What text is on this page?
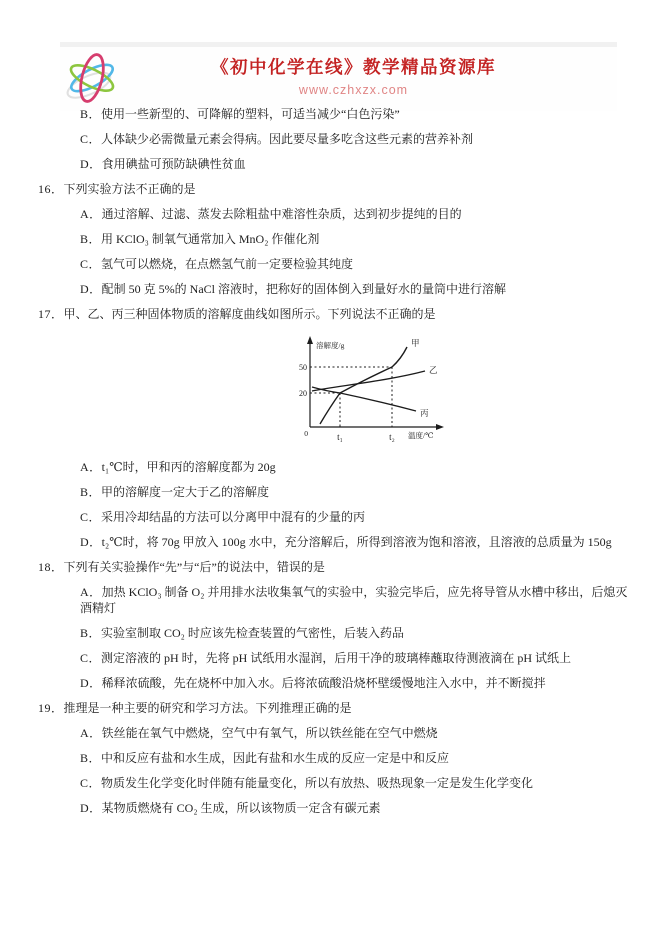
《初中化学在线》教学精品资源库
www.czhxzx.com
B．使用一些新型的、可降解的塑料，可适当减少“白色污染”
C．人体缺少必需微量元素会得病。因此要尽量多吃含这些元素的营养补剂
D．食用碘盐可预防缺碘性贫血
16．下列实验方法不正确的是
A．通过溶解、过滤、蒸发去除粗盐中难溶性杂质，达到初步提纯的目的
B．用 KClO₃ 制氧气通常加入 MnO₂ 作催化剂
C．氢气可以燃烧，在点燃氢气前一定要检验其纯度
D．配制 50 克 5%的 NaCl 溶液时，把称好的固体倒入到量好水的量筒中进行溶解
17．甲、乙、丙三种固体物质的溶解度曲线如图所示。下列说法不正确的是
溶解度/g
50
20
0	t₁	t₂ 温度/℃
甲
乙
丙
A．t₁℃时，甲和丙的溶解度都为 20g
B．甲的溶解度一定大于乙的溶解度
C．采用冷却结晶的方法可以分离甲中混有的少量的丙
D．t₂℃时，将 70g 甲放入 100g 水中，充分溶解后，所得到溶液为饱和溶液，且溶液的总质量为 150g
18．下列有关实验操作“先”与“后”的说法中，错误的是
A．加热 KClO₃ 制备 O₂ 并用排水法收集氧气的实验中，实验完毕后，应先将导管从水槽中移出，后熄灭酒精灯
B．实验室制取 CO₂ 时应该先检查装置的气密性，后装入药品
C．测定溶液的 pH 时，先将 pH 试纸用水湿润，后用干净的玻璃棒蘸取待测液滴在 pH 试纸上
D．稀释浓硫酸，先在烧杯中加入水。后将浓硫酸沿烧杯壁缓慢地注入水中，并不断搅拌
19．推理是一种主要的研究和学习方法。下列推理正确的是
A．铁丝能在氧气中燃烧，空气中有氧气，所以铁丝能在空气中燃烧
B．中和反应有盐和水生成，因此有盐和水生成的反应一定是中和反应
C．物质发生化学变化时伴随有能量变化，所以有放热、吸热现象一定是发生化学变化
D．某物质燃烧有 CO₂ 生成，所以该物质一定含有碳元素
